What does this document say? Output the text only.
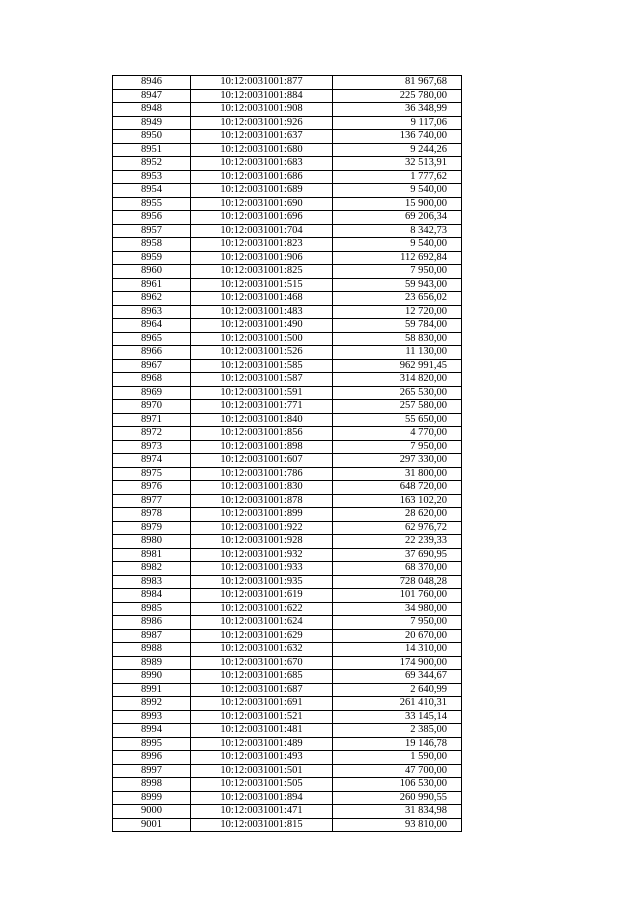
8946	10:12:0031001:877	81 967,68
8947	10:12:0031001:884	225 780,00
8948	10:12:0031001:908	36 348,99
8949	10:12:0031001:926	9 117,06
8950	10:12:0031001:637	136 740,00
8951	10:12:0031001:680	9 244,26
8952	10:12:0031001:683	32 513,91
8953	10:12:0031001:686	1 777,62
8954	10:12:0031001:689	9 540,00
8955	10:12:0031001:690	15 900,00
8956	10:12:0031001:696	69 206,34
8957	10:12:0031001:704	8 342,73
8958	10:12:0031001:823	9 540,00
8959	10:12:0031001:906	112 692,84
8960	10:12:0031001:825	7 950,00
8961	10:12:0031001:515	59 943,00
8962	10:12:0031001:468	23 656,02
8963	10:12:0031001:483	12 720,00
8964	10:12:0031001:490	59 784,00
8965	10:12:0031001:500	58 830,00
8966	10:12:0031001:526	11 130,00
8967	10:12:0031001:585	962 991,45
8968	10:12:0031001:587	314 820,00
8969	10:12:0031001:591	265 530,00
8970	10:12:0031001:771	257 580,00
8971	10:12:0031001:840	55 650,00
8972	10:12:0031001:856	4 770,00
8973	10:12:0031001:898	7 950,00
8974	10:12:0031001:607	297 330,00
8975	10:12:0031001:786	31 800,00
8976	10:12:0031001:830	648 720,00
8977	10:12:0031001:878	163 102,20
8978	10:12:0031001:899	28 620,00
8979	10:12:0031001:922	62 976,72
8980	10:12:0031001:928	22 239,33
8981	10:12:0031001:932	37 690,95
8982	10:12:0031001:933	68 370,00
8983	10:12:0031001:935	728 048,28
8984	10:12:0031001:619	101 760,00
8985	10:12:0031001:622	34 980,00
8986	10:12:0031001:624	7 950,00
8987	10:12:0031001:629	20 670,00
8988	10:12:0031001:632	14 310,00
8989	10:12:0031001:670	174 900,00
8990	10:12:0031001:685	69 344,67
8991	10:12:0031001:687	2 640,99
8992	10:12:0031001:691	261 410,31
8993	10:12:0031001:521	33 145,14
8994	10:12:0031001:481	2 385,00
8995	10:12:0031001:489	19 146,78
8996	10:12:0031001:493	1 590,00
8997	10:12:0031001:501	47 700,00
8998	10:12:0031001:505	106 530,00
8999	10:12:0031001:894	260 990,55
9000	10:12:0031001:471	31 834,98
9001	10:12:0031001:815	93 810,00
